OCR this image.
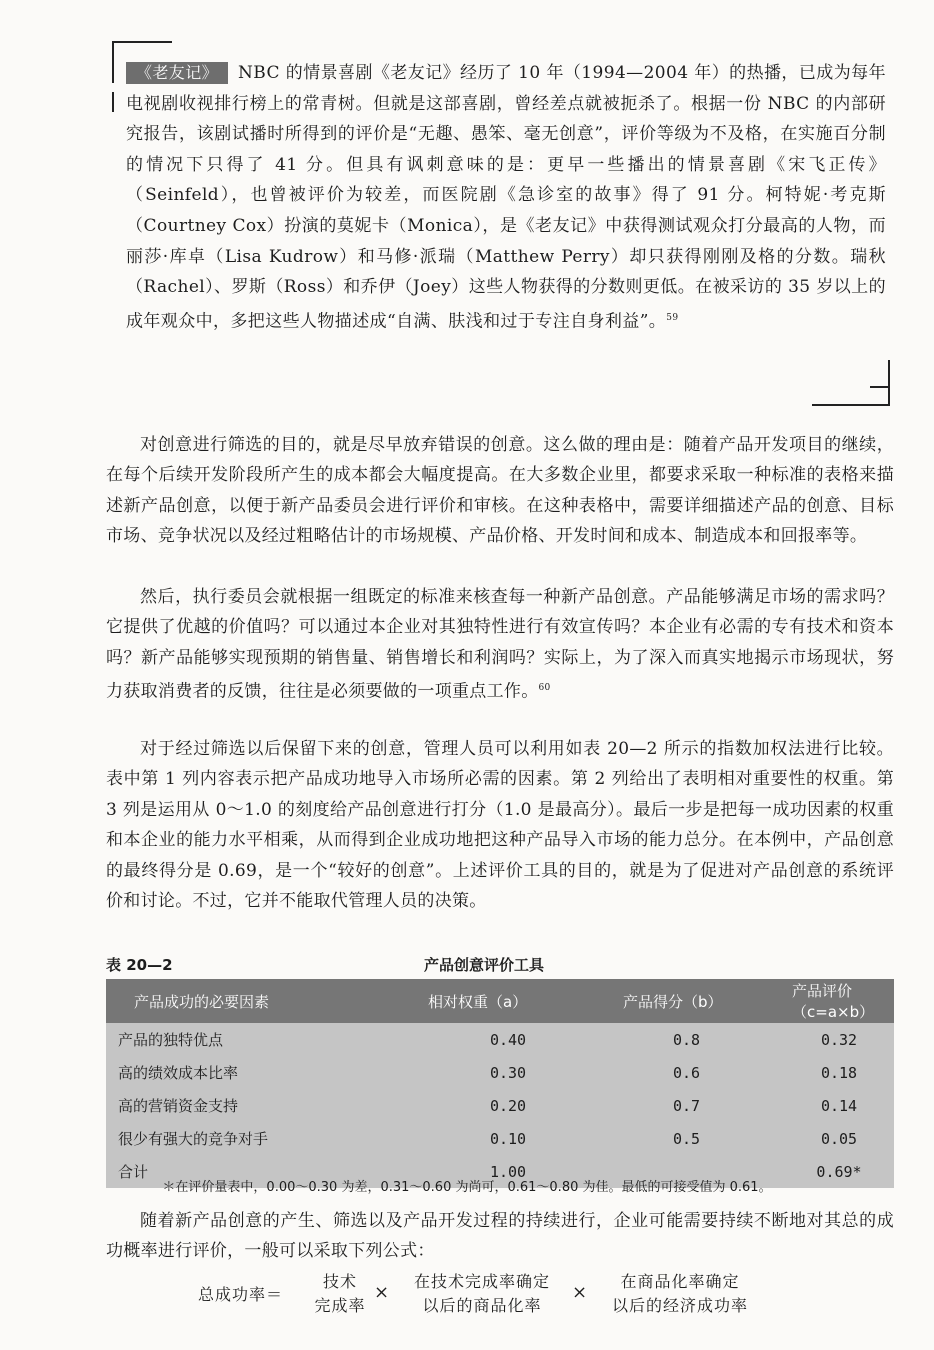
《老友记》 NBC 的情景喜剧《老友记》经历了 10 年（1994—2004 年）的热播，已成为每年电视剧收视排行榜上的常青树。但就是这部喜剧，曾经差点就被扼杀了。根据一份 NBC 的内部研究报告，该剧试播时所得到的评价是“无趣、愚笨、毫无创意”，评价等级为不及格，在实施百分制的情况下只得了 41 分。但具有讽刺意味的是：更早一些播出的情景喜剧《宋飞正传》（Seinfeld），也曾被评价为较差，而医院剧《急诊室的故事》得了 91 分。柯特妮·考克斯（Courtney Cox）扮演的莫妮卡（Monica），是《老友记》中获得测试观众打分最高的人物，而丽莎·库卓（Lisa Kudrow）和马修·派瑞（Matthew Perry）却只获得刚刚及格的分数。瑞秋（Rachel）、罗斯（Ross）和乔伊（Joey）这些人物获得的分数则更低。在被采访的 35 岁以上的成年观众中，多把这些人物描述成“自满、肤浅和过于专注自身利益”。$^{59}$

对创意进行筛选的目的，就是尽早放弃错误的创意。这么做的理由是：随着产品开发项目的继续，在每个后续开发阶段所产生的成本都会大幅度提高。在大多数企业里，都要求采取一种标准的表格来描述新产品创意，以便于新产品委员会进行评价和审核。在这种表格中，需要详细描述产品的创意、目标市场、竞争状况以及经过粗略估计的市场规模、产品价格、开发时间和成本、制造成本和回报率等。

然后，执行委员会就根据一组既定的标准来核查每一种新产品创意。产品能够满足市场的需求吗？它提供了优越的价值吗？可以通过本企业对其独特性进行有效宣传吗？本企业有必需的专有技术和资本吗？新产品能够实现预期的销售量、销售增长和利润吗？实际上，为了深入而真实地揭示市场现状，努力获取消费者的反馈，往往是必须要做的一项重点工作。$^{60}$

对于经过筛选以后保留下来的创意，管理人员可以利用如表 20—2 所示的指数加权法进行比较。表中第 1 列内容表示把产品成功地导入市场所必需的因素。第 2 列给出了表明相对重要性的权重。第 3 列是运用从 0～1.0 的刻度给产品创意进行打分（1.0 是最高分）。最后一步是把每一成功因素的权重和本企业的能力水平相乘，从而得到企业成功地把这种产品导入市场的能力总分。在本例中，产品创意的最终得分是 0.69，是一个“较好的创意”。上述评价工具的目的，就是为了促进对产品创意的系统评价和讨论。不过，它并不能取代管理人员的决策。

表 20—2	产品创意评价工具
产品成功的必要因素	相对权重（a）	产品得分（b）	产品评价（c=a×b）
产品的独特优点	0.40	0.8	0.32
高的绩效成本比率	0.30	0.6	0.18
高的营销资金支持	0.20	0.7	0.14
很少有强大的竞争对手	0.10	0.5	0.05
合计	1.00		0.69*
＊在评价量表中，0.00～0.30 为差，0.31～0.60 为尚可，0.61～0.80 为佳。最低的可接受值为 0.61。

随着新产品创意的产生、筛选以及产品开发过程的持续进行，企业可能需要持续不断地对其总的成功概率进行评价，一般可以采取下列公式：

总成功率＝
技术
完成率
×
在技术完成率确定
以后的商品化率
×
在商品化率确定
以后的经济成功率
